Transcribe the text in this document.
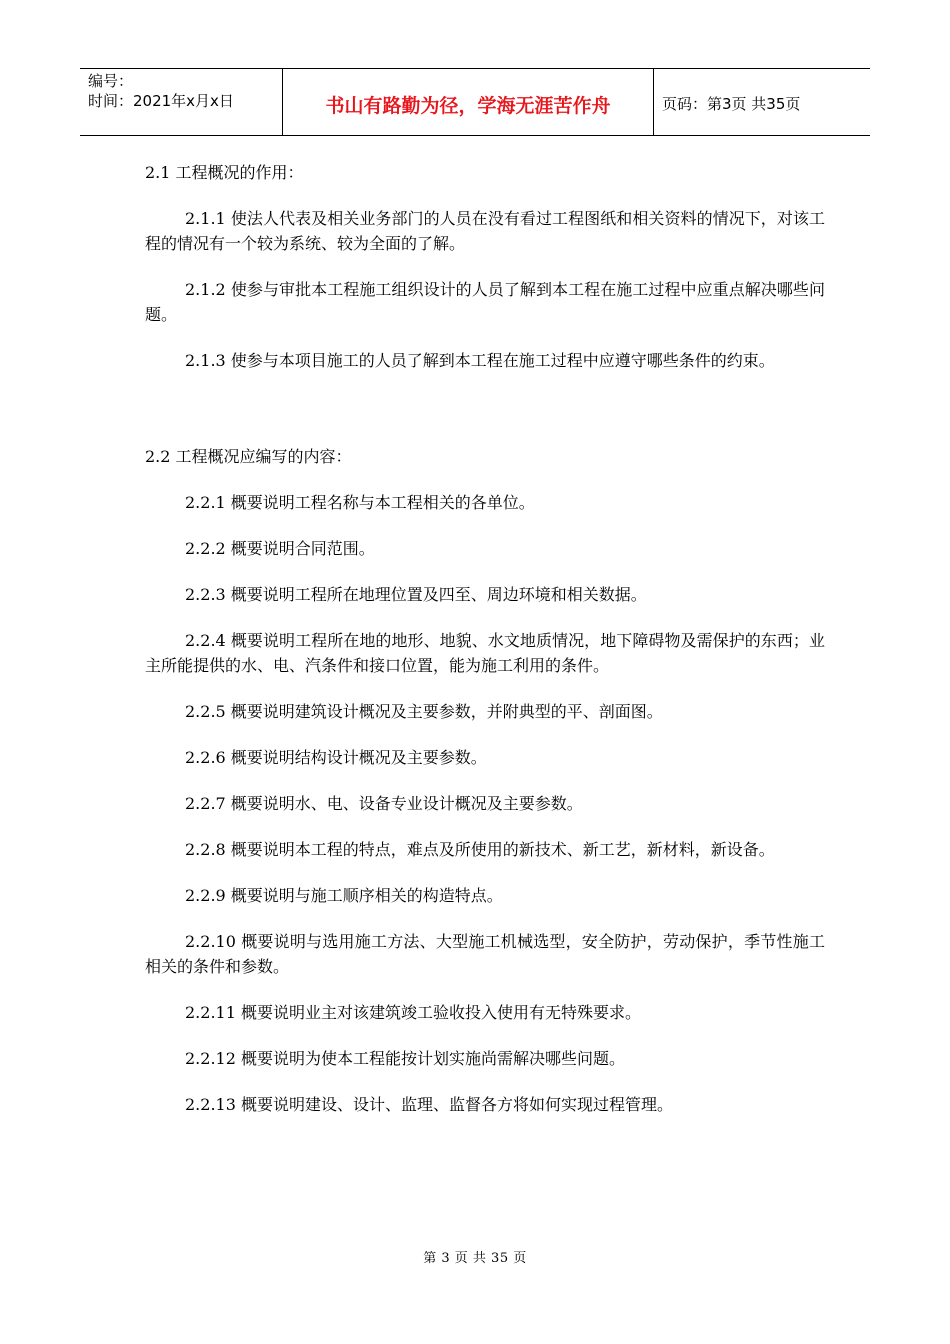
编号：
时间：2021年x月x日	书山有路勤为径，学海无涯苦作舟	页码：第3页 共35页

2.1 工程概况的作用：

2.1.1 使法人代表及相关业务部门的人员在没有看过工程图纸和相关资料的情况下，对该工程的情况有一个较为系统、较为全面的了解。

2.1.2 使参与审批本工程施工组织设计的人员了解到本工程在施工过程中应重点解决哪些问题。

2.1.3 使参与本项目施工的人员了解到本工程在施工过程中应遵守哪些条件的约束。

2.2 工程概况应编写的内容：

2.2.1 概要说明工程名称与本工程相关的各单位。

2.2.2 概要说明合同范围。

2.2.3 概要说明工程所在地理位置及四至、周边环境和相关数据。

2.2.4 概要说明工程所在地的地形、地貌、水文地质情况，地下障碍物及需保护的东西；业主所能提供的水、电、汽条件和接口位置，能为施工利用的条件。

2.2.5 概要说明建筑设计概况及主要参数，并附典型的平、剖面图。

2.2.6 概要说明结构设计概况及主要参数。

2.2.7 概要说明水、电、设备专业设计概况及主要参数。

2.2.8 概要说明本工程的特点，难点及所使用的新技术、新工艺，新材料，新设备。

2.2.9 概要说明与施工顺序相关的构造特点。

2.2.10 概要说明与选用施工方法、大型施工机械选型，安全防护，劳动保护，季节性施工相关的条件和参数。

2.2.11 概要说明业主对该建筑竣工验收投入使用有无特殊要求。

2.2.12 概要说明为使本工程能按计划实施尚需解决哪些问题。

2.2.13 概要说明建设、设计、监理、监督各方将如何实现过程管理。

第 3 页 共 35 页
